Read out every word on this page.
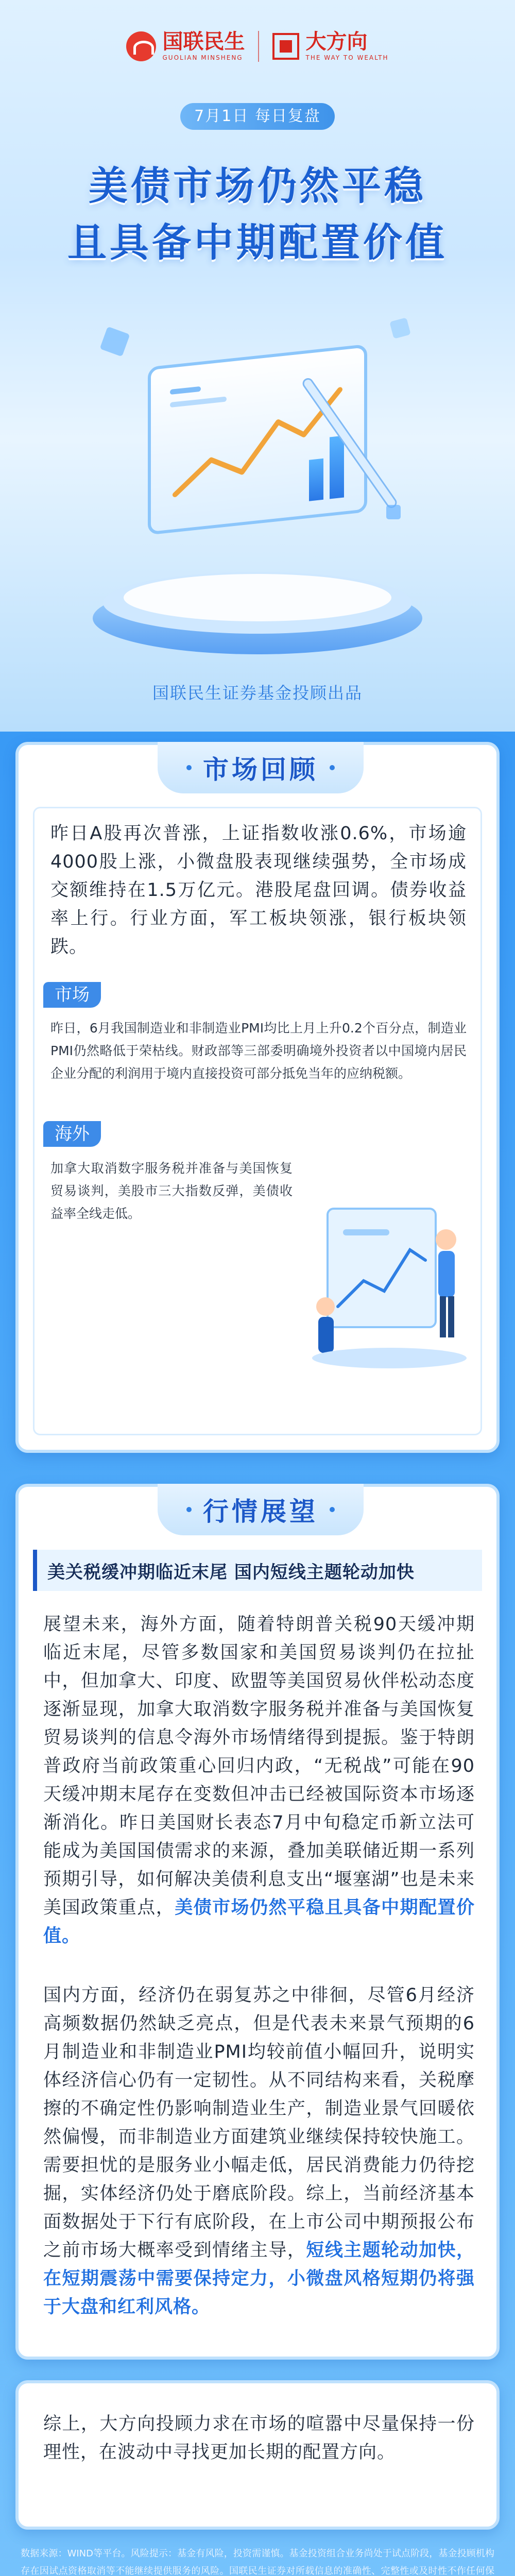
国联民生
GUOLIAN MINSHENG
大方向
THE WAY TO WEALTH
7月1日 每日复盘
美债市场仍然平稳
且具备中期配置价值
国联民生证券基金投顾出品
市场回顾
昨日A股再次普涨，上证指数收涨0.6%，市场逾4000股上涨，小微盘股表现继续强势，全市场成交额维持在1.5万亿元。港股尾盘回调。债券收益率上行。行业方面，军工板块领涨，银行板块领跌。
市场
昨日，6月我国制造业和非制造业PMI均比上月上升0.2个百分点，制造业PMI仍然略低于荣枯线。财政部等三部委明确境外投资者以中国境内居民企业分配的利润用于境内直接投资可部分抵免当年的应纳税额。
海外
加拿大取消数字服务税并准备与美国恢复贸易谈判，美股市三大指数反弹，美债收益率全线走低。
行情展望
美关税缓冲期临近末尾 国内短线主题轮动加快
展望未来，海外方面，随着特朗普关税90天缓冲期临近末尾，尽管多数国家和美国贸易谈判仍在拉扯中，但加拿大、印度、欧盟等美国贸易伙伴松动态度逐渐显现，加拿大取消数字服务税并准备与美国恢复贸易谈判的信息令海外市场情绪得到提振。鉴于特朗普政府当前政策重心回归内政，“无税战”可能在90天缓冲期末尾存在变数但冲击已经被国际资本市场逐渐消化。昨日美国财长表态7月中旬稳定币新立法可能成为美国国债需求的来源，叠加美联储近期一系列预期引导，如何解决美债利息支出“堰塞湖”也是未来美国政策重点，美债市场仍然平稳且具备中期配置价值。
国内方面，经济仍在弱复苏之中徘徊，尽管6月经济高频数据仍然缺乏亮点，但是代表未来景气预期的6月制造业和非制造业PMI均较前值小幅回升，说明实体经济信心仍有一定韧性。从不同结构来看，关税摩擦的不确定性仍影响制造业生产，制造业景气回暖依然偏慢，而非制造业方面建筑业继续保持较快施工。需要担忧的是服务业小幅走低，居民消费能力仍待挖掘，实体经济仍处于磨底阶段。综上，当前经济基本面数据处于下行有底阶段，在上市公司中期预报公布之前市场大概率受到情绪主导，短线主题轮动加快，在短期震荡中需要保持定力，小微盘风格短期仍将强于大盘和红利风格。
综上，大方向投顾力求在市场的喧嚣中尽量保持一份理性，在波动中寻找更加长期的配置方向。
数据来源：WIND等平台。风险提示：基金有风险，投资需谨慎。基金投资组合业务尚处于试点阶段，基金投顾机构存在因试点资格取消等不能继续提供服务的风险。国联民生证券对所载信息的准确性、完整性或及时性不作任何保
